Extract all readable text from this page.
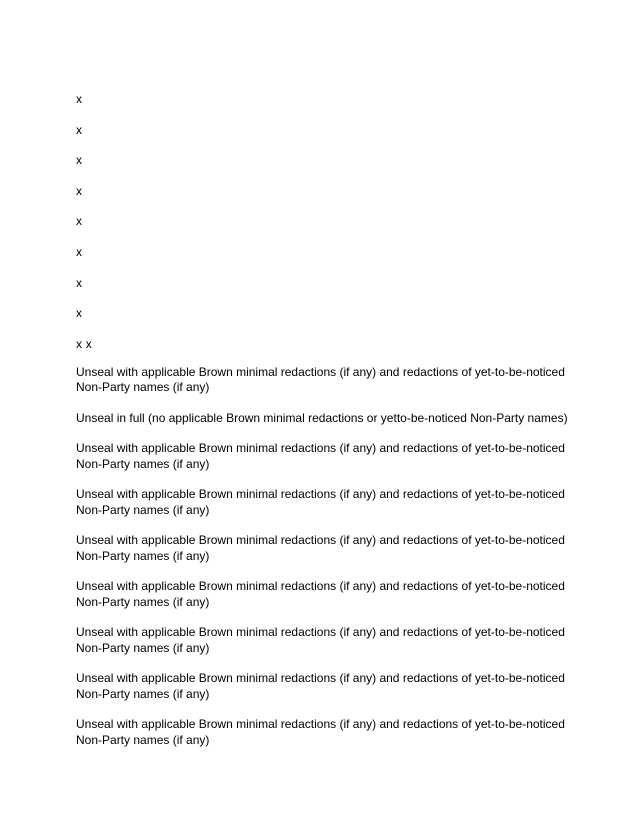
x
x
x
x
x
x
x
x
x x
Unseal with applicable Brown minimal redactions (if any) and redactions of yet-to-be-noticed
Non-Party names (if any)
Unseal in full (no applicable Brown minimal redactions or yetto-be-noticed Non-Party names)
Unseal with applicable Brown minimal redactions (if any) and redactions of yet-to-be-noticed
Non-Party names (if any)
Unseal with applicable Brown minimal redactions (if any) and redactions of yet-to-be-noticed
Non-Party names (if any)
Unseal with applicable Brown minimal redactions (if any) and redactions of yet-to-be-noticed
Non-Party names (if any)
Unseal with applicable Brown minimal redactions (if any) and redactions of yet-to-be-noticed
Non-Party names (if any)
Unseal with applicable Brown minimal redactions (if any) and redactions of yet-to-be-noticed
Non-Party names (if any)
Unseal with applicable Brown minimal redactions (if any) and redactions of yet-to-be-noticed
Non-Party names (if any)
Unseal with applicable Brown minimal redactions (if any) and redactions of yet-to-be-noticed
Non-Party names (if any)
